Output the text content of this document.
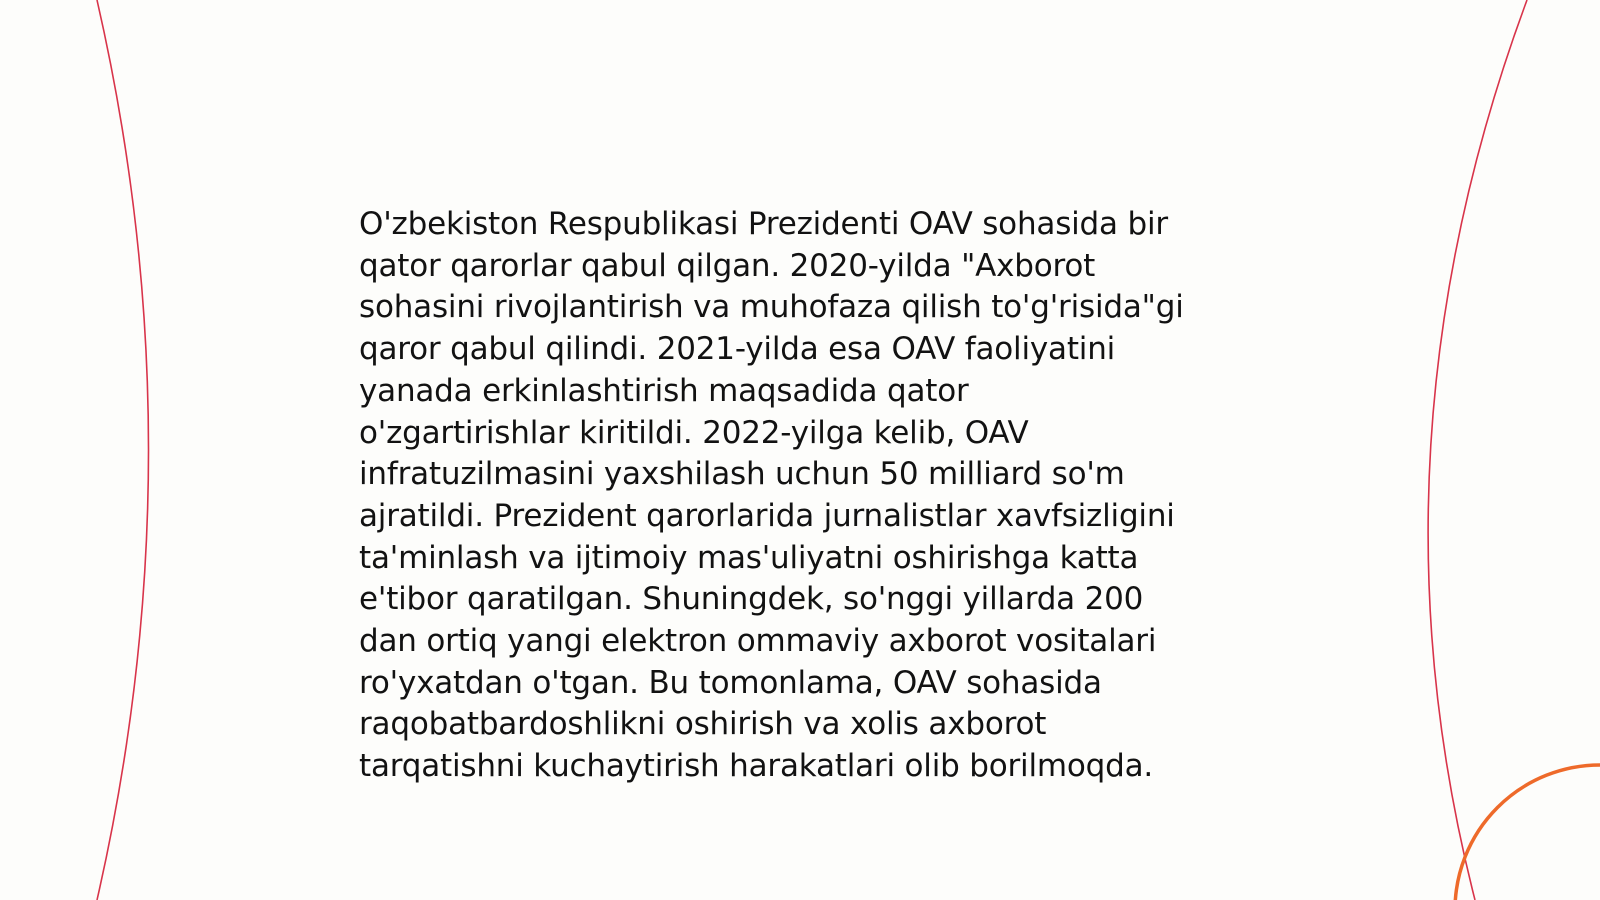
O'zbekiston Respublikasi Prezidenti OAV sohasida bir
qator qarorlar qabul qilgan. 2020-yilda "Axborot
sohasini rivojlantirish va muhofaza qilish to'g'risida"gi
qaror qabul qilindi. 2021-yilda esa OAV faoliyatini
yanada erkinlashtirish maqsadida qator
o'zgartirishlar kiritildi. 2022-yilga kelib, OAV
infratuzilmasini yaxshilash uchun 50 milliard so'm
ajratildi. Prezident qarorlarida jurnalistlar xavfsizligini
ta'minlash va ijtimoiy mas'uliyatni oshirishga katta
e'tibor qaratilgan. Shuningdek, so'nggi yillarda 200
dan ortiq yangi elektron ommaviy axborot vositalari
ro'yxatdan o'tgan. Bu tomonlama, OAV sohasida
raqobatbardoshlikni oshirish va xolis axborot
tarqatishni kuchaytirish harakatlari olib borilmoqda.
